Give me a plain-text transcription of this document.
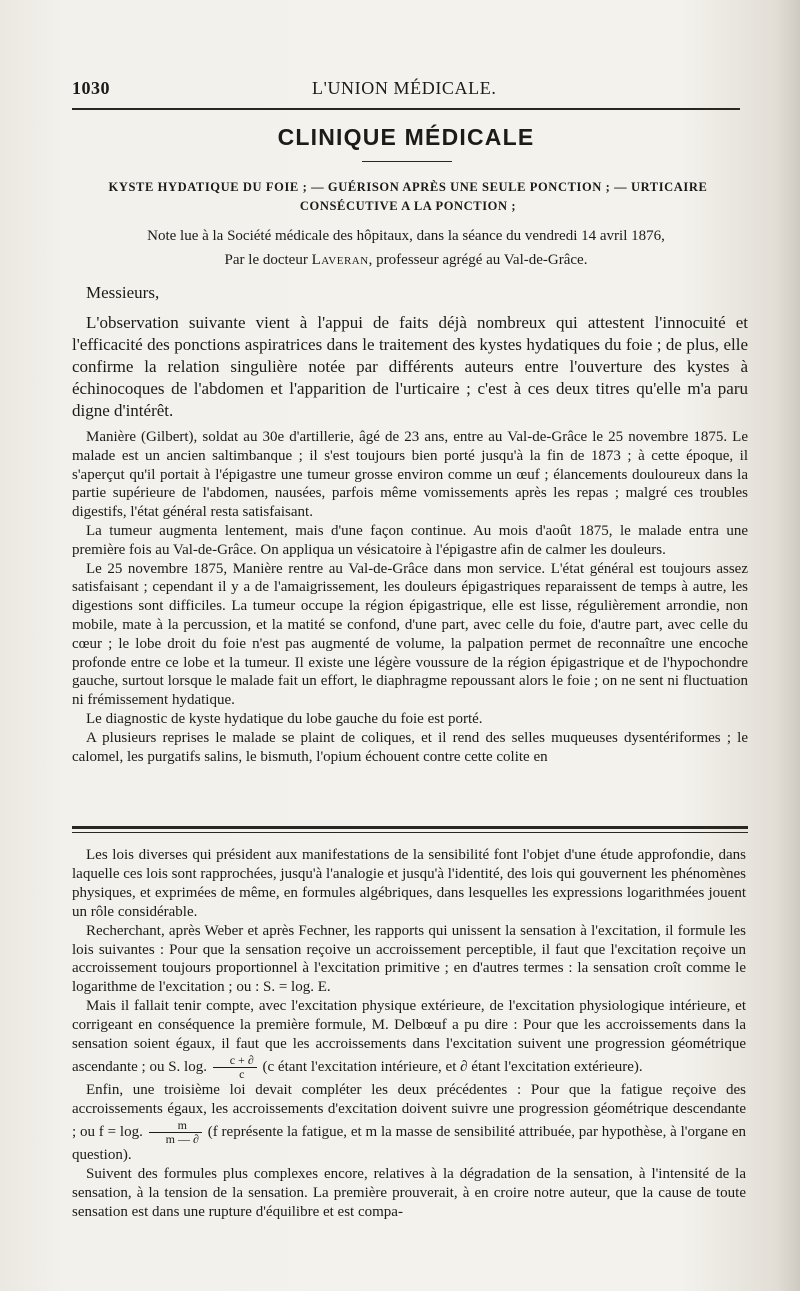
1030	L'UNION MÉDICALE.
CLINIQUE MÉDICALE
KYSTE HYDATIQUE DU FOIE ; — GUÉRISON APRÈS UNE SEULE PONCTION ; — URTICAIRE
CONSÉCUTIVE A LA PONCTION ;
Note lue à la Société médicale des hôpitaux, dans la séance du vendredi 14 avril 1876,
Par le docteur Laveran, professeur agrégé au Val-de-Grâce.

Messieurs,

L'observation suivante vient à l'appui de faits déjà nombreux qui attestent l'innocuité et l'efficacité des ponctions aspiratrices dans le traitement des kystes hydatiques du foie ; de plus, elle confirme la relation singulière notée par différents auteurs entre l'ouverture des kystes à échinocoques de l'abdomen et l'apparition de l'urticaire ; c'est à ces deux titres qu'elle m'a paru digne d'intérêt.

Manière (Gilbert), soldat au 30e d'artillerie, âgé de 23 ans, entre au Val-de-Grâce le 25 novembre 1875. Le malade est un ancien saltimbanque ; il s'est toujours bien porté jusqu'à la fin de 1873 ; à cette époque, il s'aperçut qu'il portait à l'épigastre une tumeur grosse environ comme un œuf ; élancements douloureux dans la partie supérieure de l'abdomen, nausées, parfois même vomissements après les repas ; malgré ces troubles digestifs, l'état général resta satisfaisant.

La tumeur augmenta lentement, mais d'une façon continue. Au mois d'août 1875, le malade entra une première fois au Val-de-Grâce. On appliqua un vésicatoire à l'épigastre afin de calmer les douleurs.

Le 25 novembre 1875, Manière rentre au Val-de-Grâce dans mon service. L'état général est toujours assez satisfaisant ; cependant il y a de l'amaigrissement, les douleurs épigastriques reparaissent de temps à autre, les digestions sont difficiles. La tumeur occupe la région épigastrique, elle est lisse, régulièrement arrondie, non mobile, mate à la percussion, et la matité se confond, d'une part, avec celle du foie, d'autre part, avec celle du cœur ; le lobe droit du foie n'est pas augmenté de volume, la palpation permet de reconnaître une encoche profonde entre ce lobe et la tumeur. Il existe une légère voussure de la région épigastrique et de l'hypochondre gauche, surtout lorsque le malade fait un effort, le diaphragme repoussant alors le foie ; on ne sent ni fluctuation ni frémissement hydatique.

Le diagnostic de kyste hydatique du lobe gauche du foie est porté.

A plusieurs reprises le malade se plaint de coliques, et il rend des selles muqueuses dysentériformes ; le calomel, les purgatifs salins, le bismuth, l'opium échouent contre cette colite en

Les lois diverses qui président aux manifestations de la sensibilité font l'objet d'une étude approfondie, dans laquelle ces lois sont rapprochées, jusqu'à l'analogie et jusqu'à l'identité, des lois qui gouvernent les phénomènes physiques, et exprimées de même, en formules algébriques, dans lesquelles les expressions logarithmées jouent un rôle considérable.

Recherchant, après Weber et après Fechner, les rapports qui unissent la sensation à l'excitation, il formule les lois suivantes : Pour que la sensation reçoive un accroissement perceptible, il faut que l'excitation reçoive un accroissement toujours proportionnel à l'excitation primitive ; en d'autres termes : la sensation croît comme le logarithme de l'excitation ; ou : S. = log. E.

Mais il fallait tenir compte, avec l'excitation physique extérieure, de l'excitation physiologique intérieure, et corrigeant en conséquence la première formule, M. Delbœuf a pu dire : Pour que les accroissements dans la sensation soient égaux, il faut que les accroissements dans l'excitation suivent une progression géométrique ascendante ; ou S. log. $\frac{c + \partial}{c} (c$ étant l'excitation intérieure, et ∂ étant l'excitation extérieure).

Enfin, une troisième loi devait compléter les deux précédentes : Pour que la fatigue reçoive des accroissements égaux, les accroissements d'excitation doivent suivre une progression géométrique descendante ; ou f = log. $\frac{m}{m — \partial} (f$ représente la fatigue, et m la masse de sensibilité attribuée, par hypothèse, à l'organe en question).

Suivent des formules plus complexes encore, relatives à la dégradation de la sensation, à l'intensité de la sensation, à la tension de la sensation. La première prouverait, à en croire notre auteur, que la cause de toute sensation est dans une rupture d'équilibre et est compa-
